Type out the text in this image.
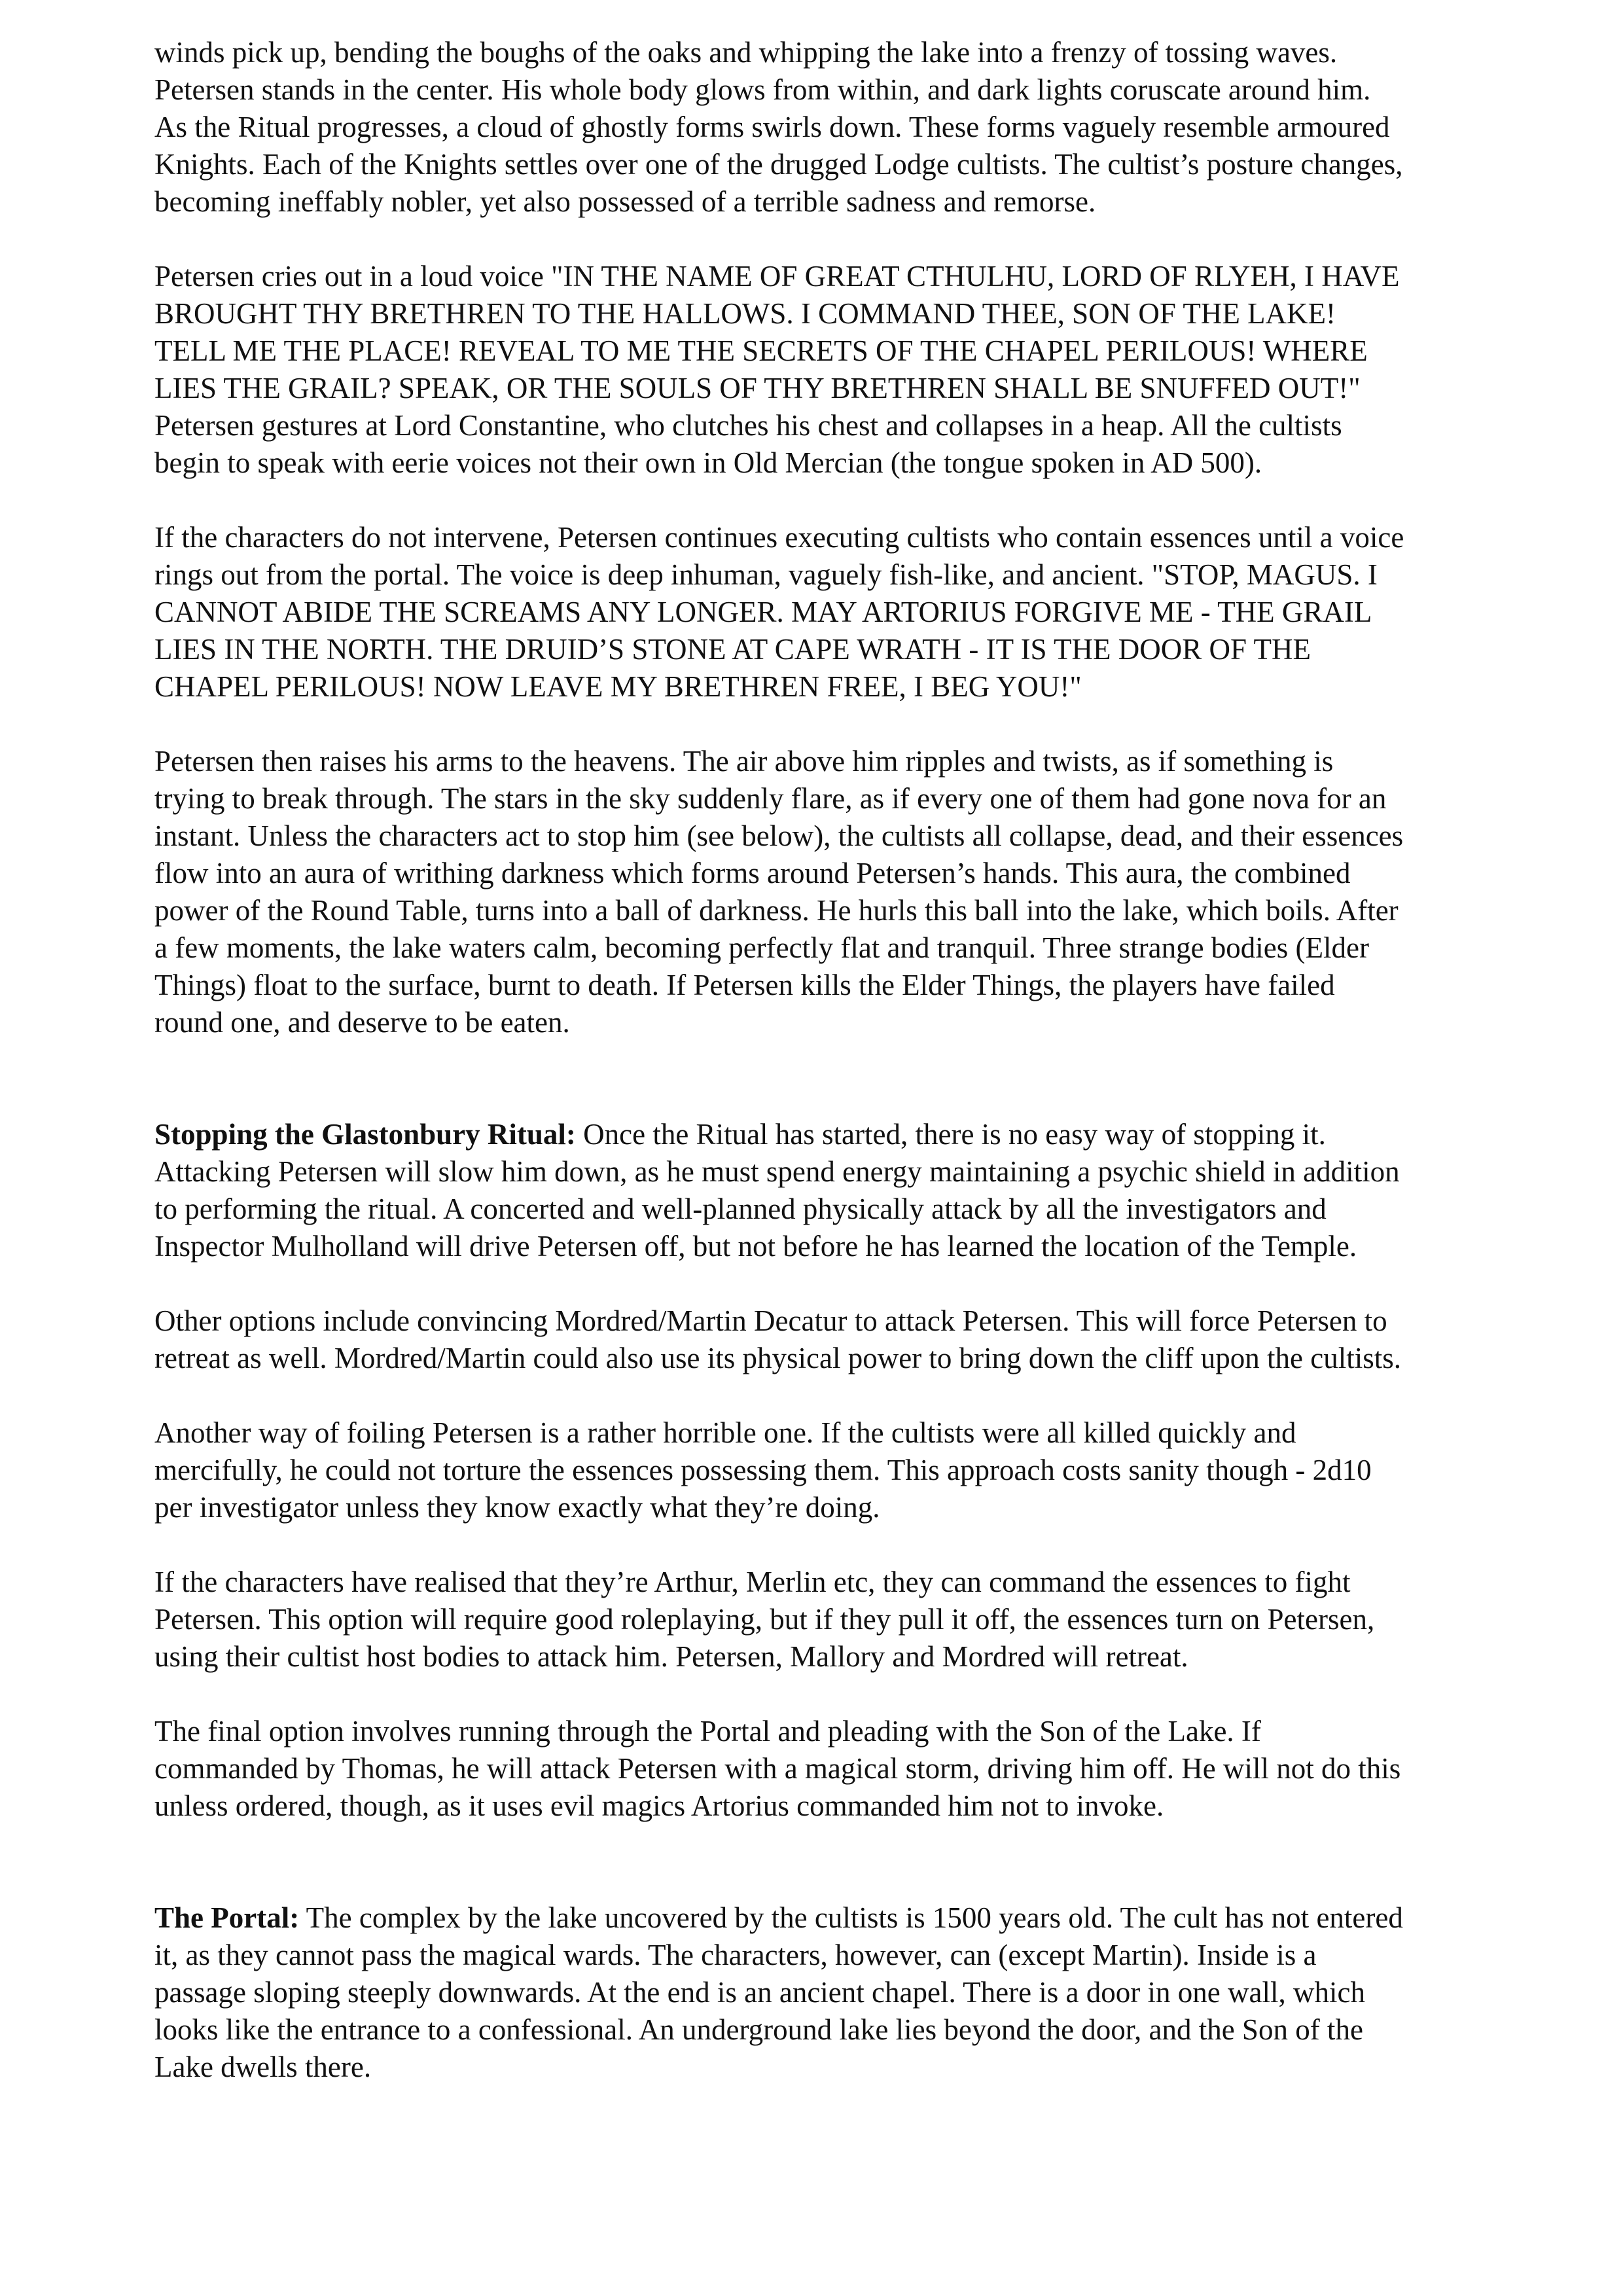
winds pick up, bending the boughs of the oaks and whipping the lake into a frenzy of tossing waves.

Petersen stands in the center. His whole body glows from within, and dark lights coruscate around him.

As the Ritual progresses, a cloud of ghostly forms swirls down. These forms vaguely resemble armoured

Knights. Each of the Knights settles over one of the drugged Lodge cultists. The cultist’s posture changes,

becoming ineffably nobler, yet also possessed of a terrible sadness and remorse.

Petersen cries out in a loud voice "IN THE NAME OF GREAT CTHULHU, LORD OF RLYEH, I HAVE

BROUGHT THY BRETHREN TO THE HALLOWS. I COMMAND THEE, SON OF THE LAKE!

TELL ME THE PLACE! REVEAL TO ME THE SECRETS OF THE CHAPEL PERILOUS! WHERE

LIES THE GRAIL? SPEAK, OR THE SOULS OF THY BRETHREN SHALL BE SNUFFED OUT!"

Petersen gestures at Lord Constantine, who clutches his chest and collapses in a heap. All the cultists

begin to speak with eerie voices not their own in Old Mercian (the tongue spoken in AD 500).

If the characters do not intervene, Petersen continues executing cultists who contain essences until a voice

rings out from the portal. The voice is deep inhuman, vaguely fish-like, and ancient. "STOP, MAGUS. I

CANNOT ABIDE THE SCREAMS ANY LONGER. MAY ARTORIUS FORGIVE ME - THE GRAIL

LIES IN THE NORTH. THE DRUID’S STONE AT CAPE WRATH - IT IS THE DOOR OF THE

CHAPEL PERILOUS! NOW LEAVE MY BRETHREN FREE, I BEG YOU!"

Petersen then raises his arms to the heavens. The air above him ripples and twists, as if something is

trying to break through. The stars in the sky suddenly flare, as if every one of them had gone nova for an

instant. Unless the characters act to stop him (see below), the cultists all collapse, dead, and their essences

flow into an aura of writhing darkness which forms around Petersen’s hands. This aura, the combined

power of the Round Table, turns into a ball of darkness. He hurls this ball into the lake, which boils. After

a few moments, the lake waters calm, becoming perfectly flat and tranquil. Three strange bodies (Elder

Things) float to the surface, burnt to death. If Petersen kills the Elder Things, the players have failed

round one, and deserve to be eaten.

Stopping the Glastonbury Ritual: Once the Ritual has started, there is no easy way of stopping it.

Attacking Petersen will slow him down, as he must spend energy maintaining a psychic shield in addition

to performing the ritual. A concerted and well-planned physically attack by all the investigators and

Inspector Mulholland will drive Petersen off, but not before he has learned the location of the Temple.

Other options include convincing Mordred/Martin Decatur to attack Petersen. This will force Petersen to

retreat as well. Mordred/Martin could also use its physical power to bring down the cliff upon the cultists.

Another way of foiling Petersen is a rather horrible one. If the cultists were all killed quickly and

mercifully, he could not torture the essences possessing them. This approach costs sanity though - 2d10

per investigator unless they know exactly what they’re doing.

If the characters have realised that they’re Arthur, Merlin etc, they can command the essences to fight

Petersen. This option will require good roleplaying, but if they pull it off, the essences turn on Petersen,

using their cultist host bodies to attack him. Petersen, Mallory and Mordred will retreat.

The final option involves running through the Portal and pleading with the Son of the Lake. If

commanded by Thomas, he will attack Petersen with a magical storm, driving him off. He will not do this

unless ordered, though, as it uses evil magics Artorius commanded him not to invoke.

The Portal: The complex by the lake uncovered by the cultists is 1500 years old. The cult has not entered

it, as they cannot pass the magical wards. The characters, however, can (except Martin). Inside is a

passage sloping steeply downwards. At the end is an ancient chapel. There is a door in one wall, which

looks like the entrance to a confessional. An underground lake lies beyond the door, and the Son of the

Lake dwells there.
